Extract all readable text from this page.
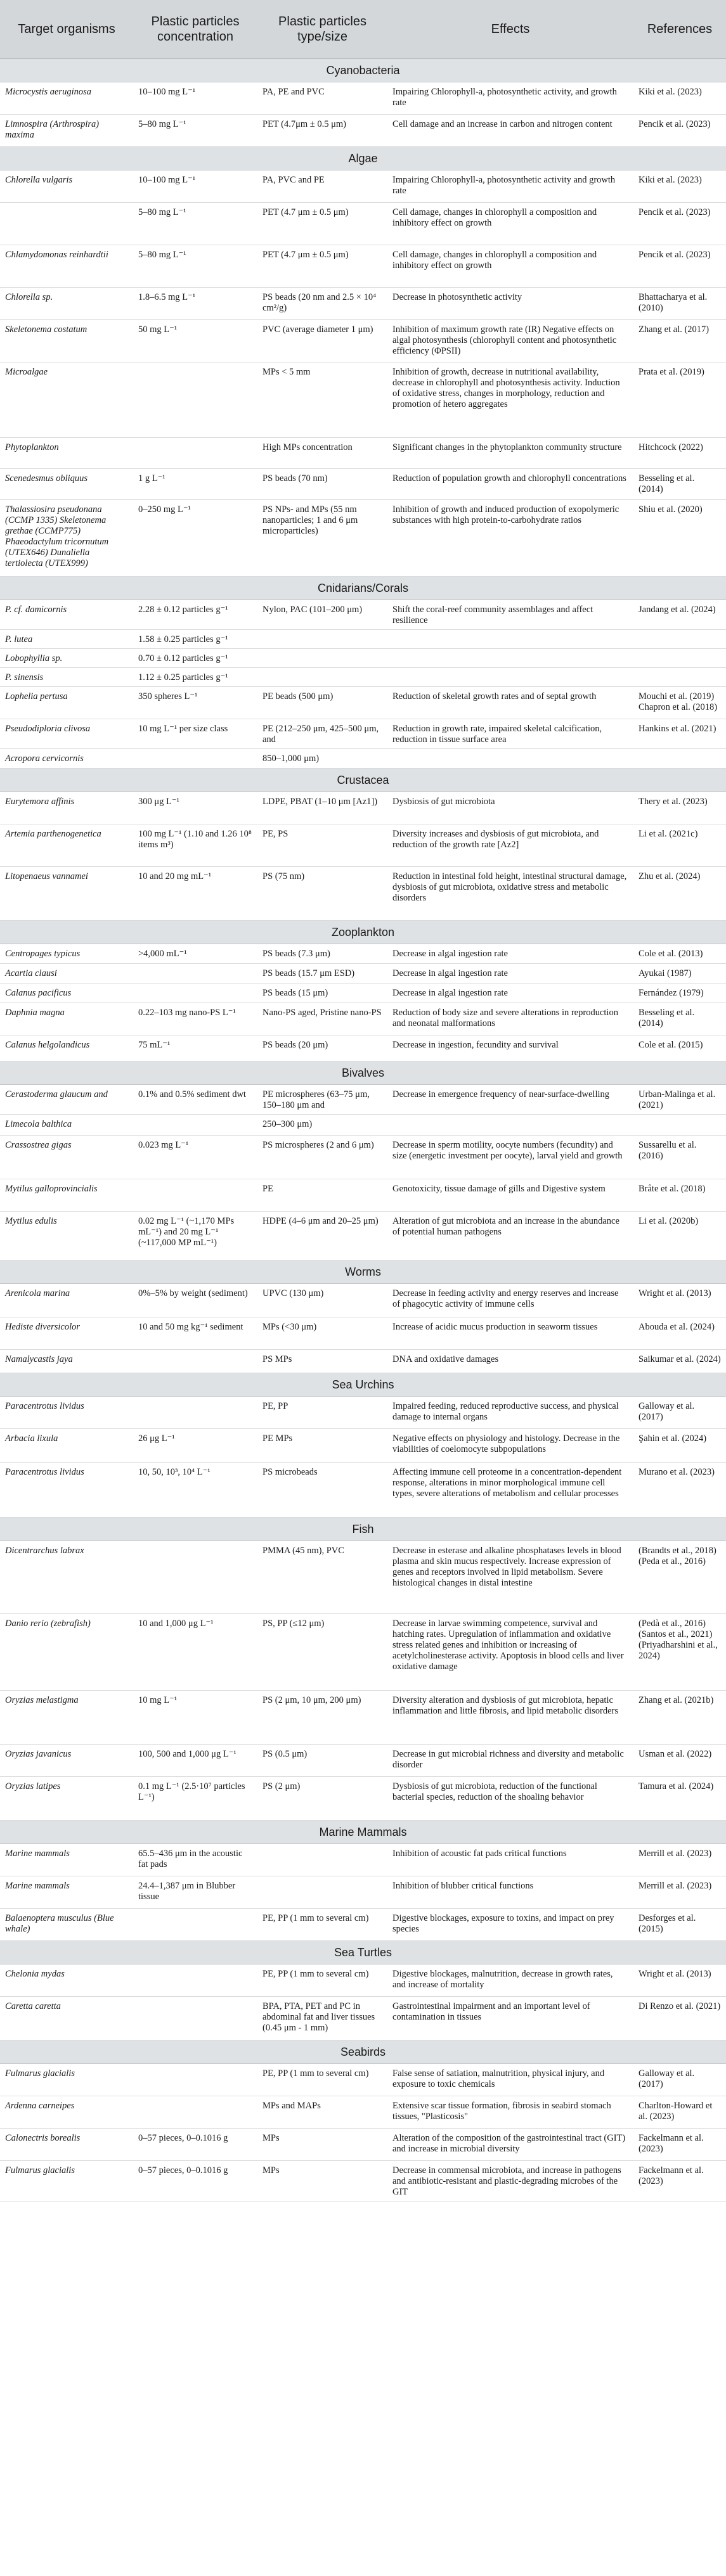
Target organisms	Plastic particles concentration	Plastic particles type/size	Effects	References
Cyanobacteria				
Microcystis aeruginosa	10–100 mg L⁻¹	PA, PE and PVC	Impairing Chlorophyll-a, photosynthetic activity, and growth rate	Kiki et al. (2023)
Limnospira (Arthrospira) maxima	5–80 mg L⁻¹	PET (4.7μm ± 0.5 μm)	Cell damage and an increase in carbon and nitrogen content	Pencik et al. (2023)
Algae				
Chlorella vulgaris	10–100 mg L⁻¹	PA, PVC and PE	Impairing Chlorophyll-a, photosynthetic activity and growth rate	Kiki et al. (2023)
	5–80 mg L⁻¹	PET (4.7 μm ± 0.5 μm)	Cell damage, changes in chlorophyll a composition and inhibitory effect on growth	Pencik et al. (2023)
Chlamydomonas reinhardtii	5–80 mg L⁻¹	PET (4.7 μm ± 0.5 μm)	Cell damage, changes in chlorophyll a composition and inhibitory effect on growth	Pencik et al. (2023)
Chlorella sp.	1.8–6.5 mg L⁻¹	PS beads (20 nm and 2.5 × 10⁴ cm²/g)	Decrease in photosynthetic activity	Bhattacharya et al. (2010)
Skeletonema costatum	50 mg L⁻¹	PVC (average diameter 1 μm)	Inhibition of maximum growth rate (IR) Negative effects on algal photosynthesis (chlorophyll content and photosynthetic efficiency (ΦPSII)	Zhang et al. (2017)
Microalgae		MPs < 5 mm	Inhibition of growth, decrease in nutritional availability, decrease in chlorophyll and photosynthesis activity. Induction of oxidative stress, changes in morphology, reduction and promotion of hetero aggregates	Prata et al. (2019)
Phytoplankton		High MPs concentration	Significant changes in the phytoplankton community structure	Hitchcock (2022)
Scenedesmus obliquus	1 g L⁻¹	PS beads (70 nm)	Reduction of population growth and chlorophyll concentrations	Besseling et al. (2014)
Thalassiosira pseudonana (CCMP 1335) Skeletonema grethae (CCMP775) Phaeodactylum tricornutum (UTEX646) Dunaliella tertiolecta (UTEX999)	0–250 mg L⁻¹	PS NPs- and MPs (55 nm nanoparticles; 1 and 6 μm microparticles)	Inhibition of growth and induced production of exopolymeric substances with high protein-to-carbohydrate ratios	Shiu et al. (2020)
Cnidarians/Corals				
P. cf. damicornis	2.28 ± 0.12 particles g⁻¹	Nylon, PAC (101–200 μm)	Shift the coral-reef community assemblages and affect resilience	Jandang et al. (2024)
P. lutea	1.58 ± 0.25 particles g⁻¹			
Lobophyllia sp.	0.70 ± 0.12 particles g⁻¹			
P. sinensis	1.12 ± 0.25 particles g⁻¹			
Lophelia pertusa	350 spheres L⁻¹	PE beads (500 μm)	Reduction of skeletal growth rates and of septal growth	Mouchi et al. (2019) Chapron et al. (2018)
Pseudodiploria clivosa	10 mg L⁻¹ per size class	PE (212–250 μm, 425–500 μm, and	Reduction in growth rate, impaired skeletal calcification, reduction in tissue surface area	Hankins et al. (2021)
Acropora cervicornis		850–1,000 μm)		
Crustacea				
Eurytemora affinis	300 μg L⁻¹	LDPE, PBAT (1–10 μm [Az1])	Dysbiosis of gut microbiota	Thery et al. (2023)
Artemia parthenogenetica	100 mg L⁻¹ (1.10 and 1.26 10⁸ items m³)	PE, PS	Diversity increases and dysbiosis of gut microbiota, and reduction of the growth rate [Az2]	Li et al. (2021c)
Litopenaeus vannamei	10 and 20 mg mL⁻¹	PS (75 nm)	Reduction in intestinal fold height, intestinal structural damage, dysbiosis of gut microbiota, oxidative stress and metabolic disorders	Zhu et al. (2024)
Zooplankton				
Centropages typicus	>4,000 mL⁻¹	PS beads (7.3 μm)	Decrease in algal ingestion rate	Cole et al. (2013)
Acartia clausi		PS beads (15.7 μm ESD)	Decrease in algal ingestion rate	Ayukai (1987)
Calanus pacificus		PS beads (15 μm)	Decrease in algal ingestion rate	Fernández (1979)
Daphnia magna	0.22–103 mg nano-PS L⁻¹	Nano-PS aged, Pristine nano-PS	Reduction of body size and severe alterations in reproduction and neonatal malformations	Besseling et al. (2014)
Calanus helgolandicus	75 mL⁻¹	PS beads (20 μm)	Decrease in ingestion, fecundity and survival	Cole et al. (2015)
Bivalves				
Cerastoderma glaucum and	0.1% and 0.5% sediment dwt	PE microspheres (63–75 μm, 150–180 μm and	Decrease in emergence frequency of near-surface-dwelling	Urban-Malinga et al. (2021)
Limecola balthica		250–300 μm)		
Crassostrea gigas	0.023 mg L⁻¹	PS microspheres (2 and 6 μm)	Decrease in sperm motility, oocyte numbers (fecundity) and size (energetic investment per oocyte), larval yield and growth	Sussarellu et al. (2016)
Mytilus galloprovincialis		PE	Genotoxicity, tissue damage of gills and Digestive system	Bråte et al. (2018)
Mytilus edulis	0.02 mg L⁻¹ (~1,170 MPs mL⁻¹) and 20 mg L⁻¹ (~117,000 MP mL⁻¹)	HDPE (4–6 μm and 20–25 μm)	Alteration of gut microbiota and an increase in the abundance of potential human pathogens	Li et al. (2020b)
Worms				
Arenicola marina	0%–5% by weight (sediment)	UPVC (130 μm)	Decrease in feeding activity and energy reserves and increase of phagocytic activity of immune cells	Wright et al. (2013)
Hediste diversicolor	10 and 50 mg kg⁻¹ sediment	MPs (<30 μm)	Increase of acidic mucus production in seaworm tissues	Abouda et al. (2024)
Namalycastis jaya		PS MPs	DNA and oxidative damages	Saikumar et al. (2024)
Sea Urchins				
Paracentrotus lividus		PE, PP	Impaired feeding, reduced reproductive success, and physical damage to internal organs	Galloway et al. (2017)
Arbacia lixula	26 μg L⁻¹	PE MPs	Negative effects on physiology and histology. Decrease in the viabilities of coelomocyte subpopulations	Şahin et al. (2024)
Paracentrotus lividus	10, 50, 10³, 10⁴ L⁻¹	PS microbeads	Affecting immune cell proteome in a concentration-dependent response, alterations in minor morphological immune cell types, severe alterations of metabolism and cellular processes	Murano et al. (2023)
Fish				
Dicentrarchus labrax		PMMA (45 nm), PVC	Decrease in esterase and alkaline phosphatases levels in blood plasma and skin mucus respectively. Increase expression of genes and receptors involved in lipid metabolism. Severe histological changes in distal intestine	(Brandts et al., 2018) (Peda et al., 2016)
Danio rerio (zebrafish)	10 and 1,000 μg L⁻¹	PS, PP (≤12 μm)	Decrease in larvae swimming competence, survival and hatching rates. Upregulation of inflammation and oxidative stress related genes and inhibition or increasing of acetylcholinesterase activity. Apoptosis in blood cells and liver oxidative damage	(Pedà et al., 2016) (Santos et al., 2021) (Priyadharshini et al., 2024)
Oryzias melastigma	10 mg L⁻¹	PS (2 μm, 10 μm, 200 μm)	Diversity alteration and dysbiosis of gut microbiota, hepatic inflammation and little fibrosis, and lipid metabolic disorders	Zhang et al. (2021b)
Oryzias javanicus	100, 500 and 1,000 μg L⁻¹	PS (0.5 μm)	Decrease in gut microbial richness and diversity and metabolic disorder	Usman et al. (2022)
Oryzias latipes	0.1 mg L⁻¹ (2.5·10⁷ particles L⁻¹)	PS (2 μm)	Dysbiosis of gut microbiota, reduction of the functional bacterial species, reduction of the shoaling behavior	Tamura et al. (2024)
Marine Mammals				
Marine mammals	65.5–436 μm in the acoustic fat pads		Inhibition of acoustic fat pads critical functions	Merrill et al. (2023)
Marine mammals	24.4–1,387 μm in Blubber tissue		Inhibition of blubber critical functions	Merrill et al. (2023)
Balaenoptera musculus (Blue whale)		PE, PP (1 mm to several cm)	Digestive blockages, exposure to toxins, and impact on prey species	Desforges et al. (2015)
Sea Turtles				
Chelonia mydas		PE, PP (1 mm to several cm)	Digestive blockages, malnutrition, decrease in growth rates, and increase of mortality	Wright et al. (2013)
Caretta caretta		BPA, PTA, PET and PC in abdominal fat and liver tissues (0.45 μm - 1 mm)	Gastrointestinal impairment and an important level of contamination in tissues	Di Renzo et al. (2021)
Seabirds				
Fulmarus glacialis		PE, PP (1 mm to several cm)	False sense of satiation, malnutrition, physical injury, and exposure to toxic chemicals	Galloway et al. (2017)
Ardenna carneipes		MPs and MAPs	Extensive scar tissue formation, fibrosis in seabird stomach tissues, "Plasticosis"	Charlton-Howard et al. (2023)
Calonectris borealis	0–57 pieces, 0–0.1016 g	MPs	Alteration of the composition of the gastrointestinal tract (GIT) and increase in microbial diversity	Fackelmann et al. (2023)
Fulmarus glacialis	0–57 pieces, 0–0.1016 g	MPs	Decrease in commensal microbiota, and increase in pathogens and antibiotic-resistant and plastic-degrading microbes of the GIT	Fackelmann et al. (2023)
